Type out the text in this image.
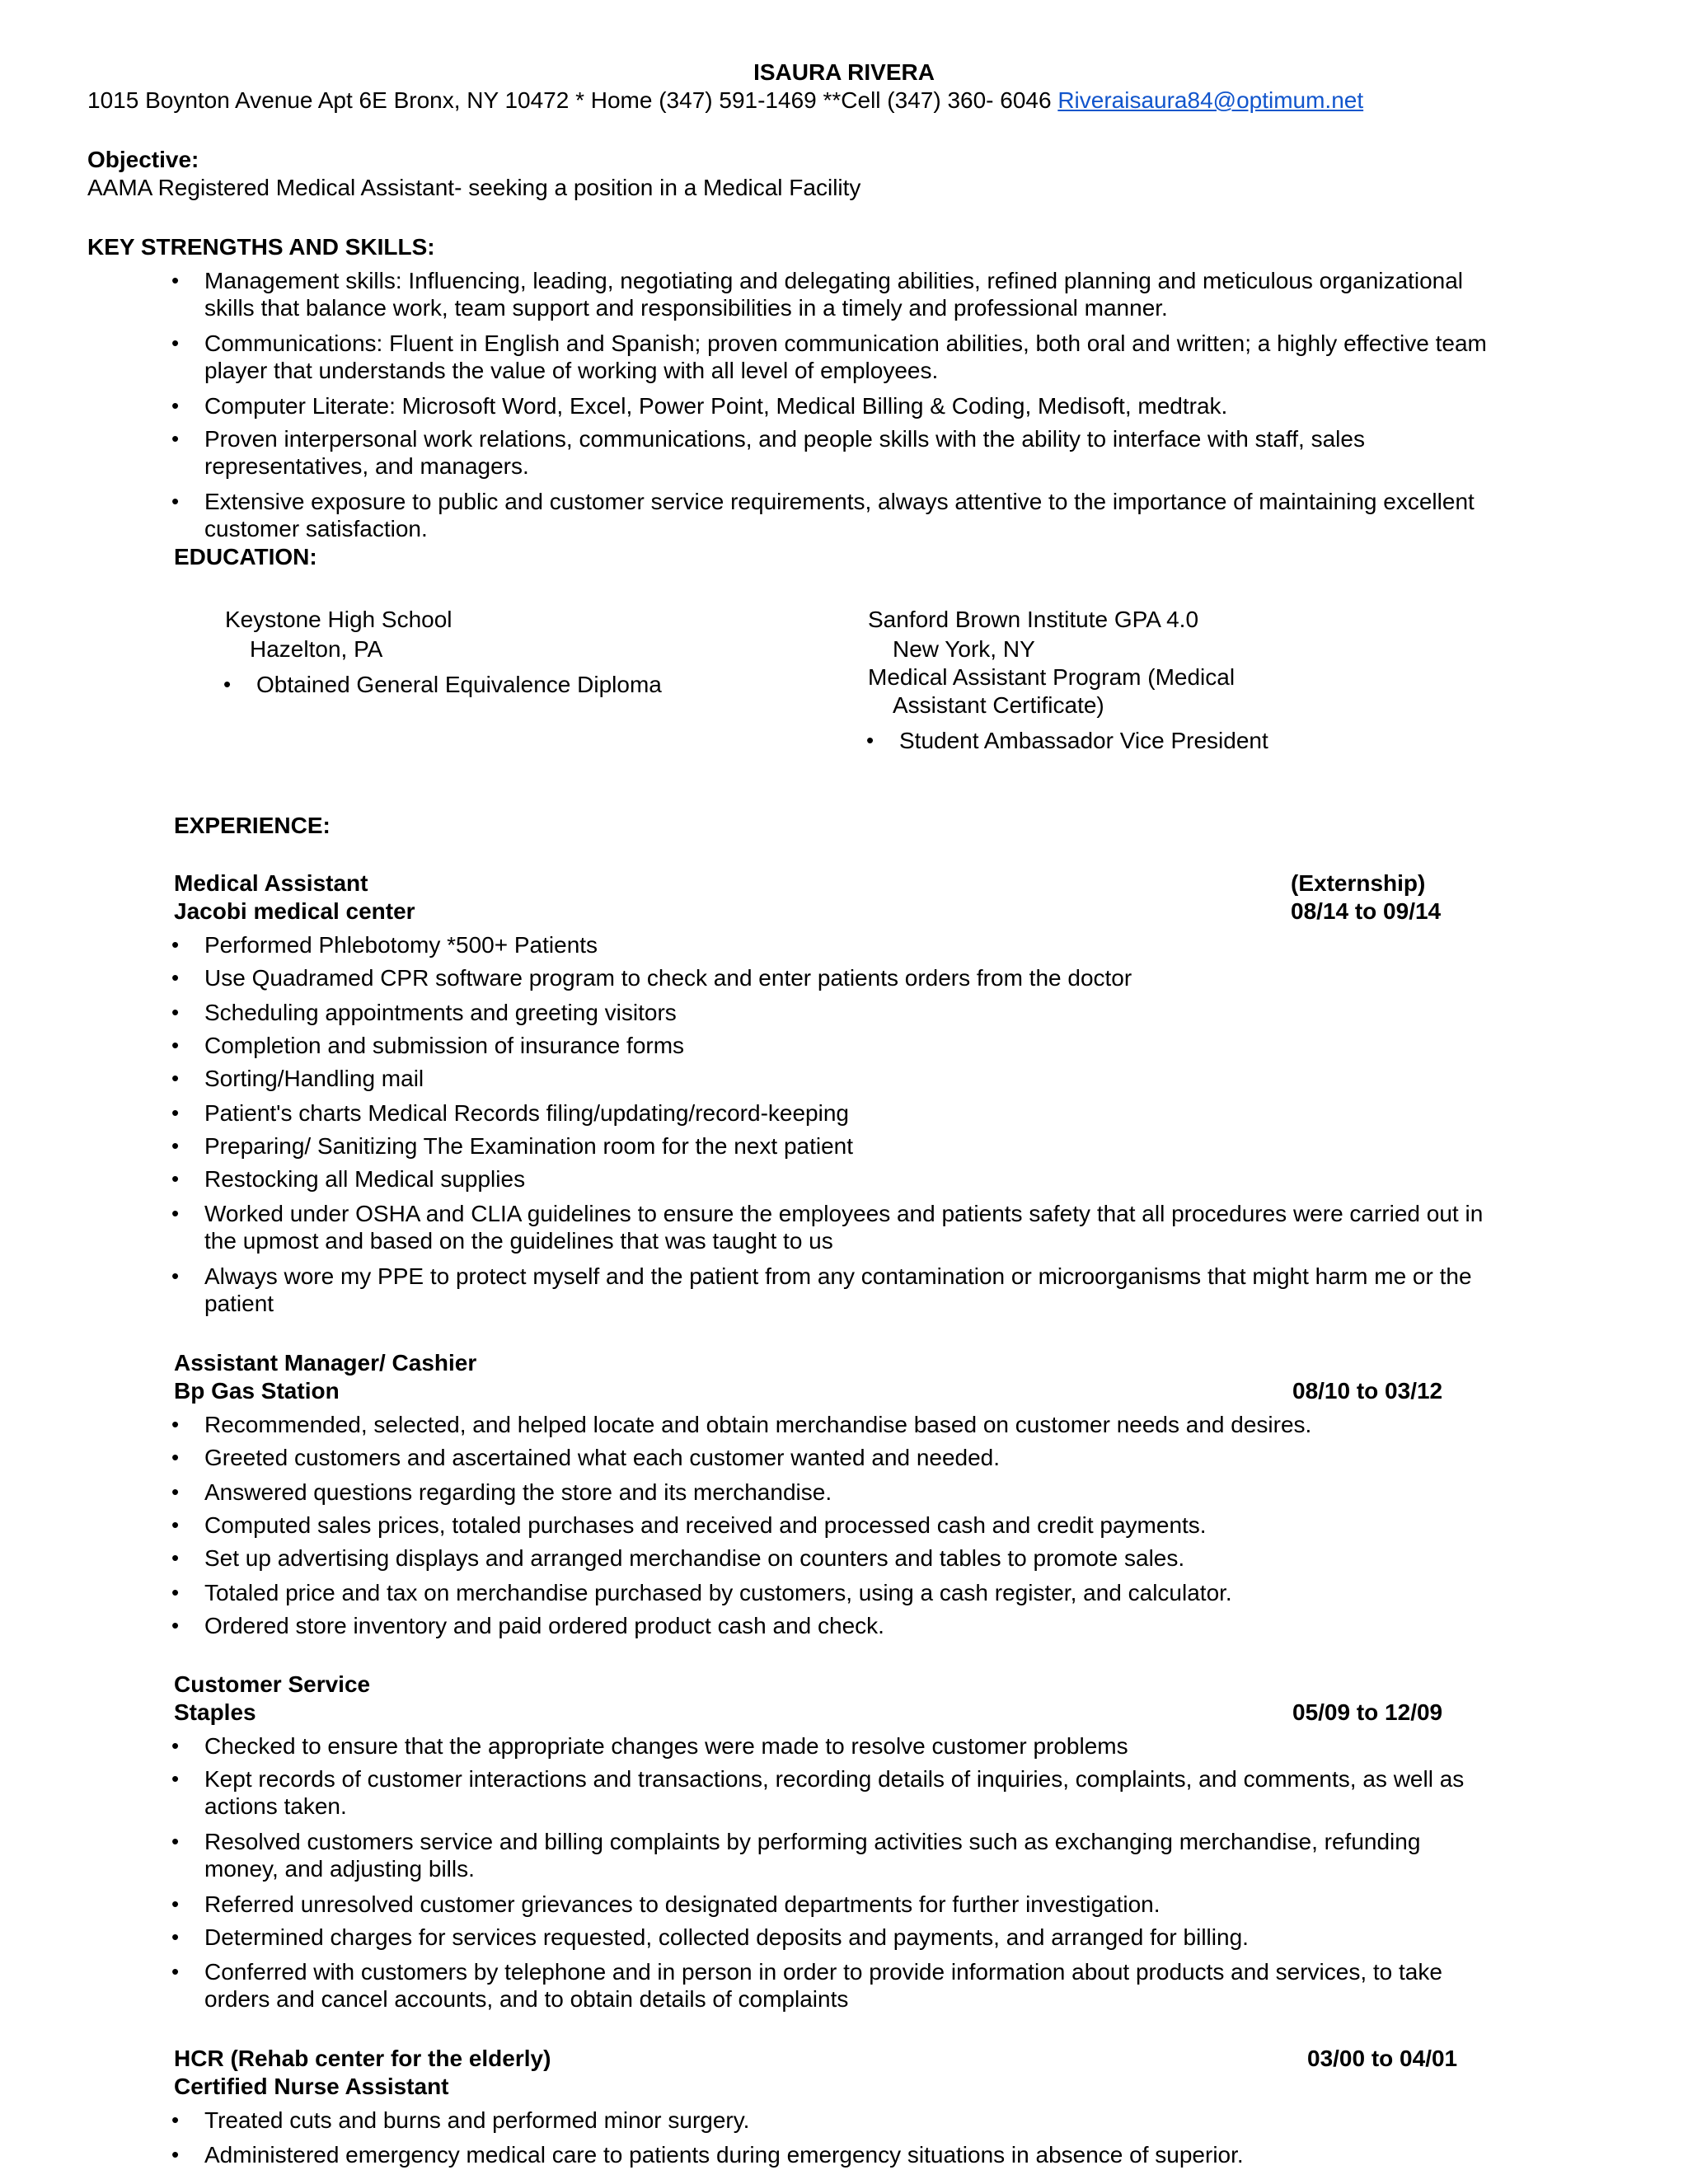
ISAURA RIVERA
1015 Boynton Avenue Apt 6E Bronx, NY 10472 * Home (347) 591-1469 **Cell (347) 360- 6046 Riveraisaura84@optimum.net
Objective:
AAMA Registered Medical Assistant- seeking a position in a Medical Facility
KEY STRENGTHS AND SKILLS:
• Management skills: Influencing, leading, negotiating and delegating abilities, refined planning and meticulous organizational skills that balance work, team support and responsibilities in a timely and professional manner.
• Communications: Fluent in English and Spanish; proven communication abilities, both oral and written; a highly effective team player that understands the value of working with all level of employees.
• Computer Literate: Microsoft Word, Excel, Power Point, Medical Billing & Coding, Medisoft, medtrak.
• Proven interpersonal work relations, communications, and people skills with the ability to interface with staff, sales representatives, and managers.
• Extensive exposure to public and customer service requirements, always attentive to the importance of maintaining excellent customer satisfaction.
EDUCATION:
Keystone High School
Hazelton, PA
• Obtained General Equivalence Diploma
Sanford Brown Institute GPA 4.0
New York, NY
Medical Assistant Program (Medical
Assistant Certificate)
• Student Ambassador Vice President
EXPERIENCE:
Medical Assistant	(Externship)
Jacobi medical center	08/14 to 09/14
• Performed Phlebotomy *500+ Patients
• Use Quadramed CPR software program to check and enter patients orders from the doctor
• Scheduling appointments and greeting visitors
• Completion and submission of insurance forms
• Sorting/Handling mail
• Patient's charts Medical Records filing/updating/record-keeping
• Preparing/ Sanitizing The Examination room for the next patient
• Restocking all Medical supplies
• Worked under OSHA and CLIA guidelines to ensure the employees and patients safety that all procedures were carried out in the upmost and based on the guidelines that was taught to us
• Always wore my PPE to protect myself and the patient from any contamination or microorganisms that might harm me or the patient
Assistant Manager/ Cashier
Bp Gas Station	08/10 to 03/12
• Recommended, selected, and helped locate and obtain merchandise based on customer needs and desires.
• Greeted customers and ascertained what each customer wanted and needed.
• Answered questions regarding the store and its merchandise.
• Computed sales prices, totaled purchases and received and processed cash and credit payments.
• Set up advertising displays and arranged merchandise on counters and tables to promote sales.
• Totaled price and tax on merchandise purchased by customers, using a cash register, and calculator.
• Ordered store inventory and paid ordered product cash and check.
Customer Service
Staples	05/09 to 12/09
• Checked to ensure that the appropriate changes were made to resolve customer problems
• Kept records of customer interactions and transactions, recording details of inquiries, complaints, and comments, as well as actions taken.
• Resolved customers service and billing complaints by performing activities such as exchanging merchandise, refunding money, and adjusting bills.
• Referred unresolved customer grievances to designated departments for further investigation.
• Determined charges for services requested, collected deposits and payments, and arranged for billing.
• Conferred with customers by telephone and in person in order to provide information about products and services, to take orders and cancel accounts, and to obtain details of complaints
HCR (Rehab center for the elderly)	03/00 to 04/01
Certified Nurse Assistant
• Treated cuts and burns and performed minor surgery.
• Administered emergency medical care to patients during emergency situations in absence of superior.
